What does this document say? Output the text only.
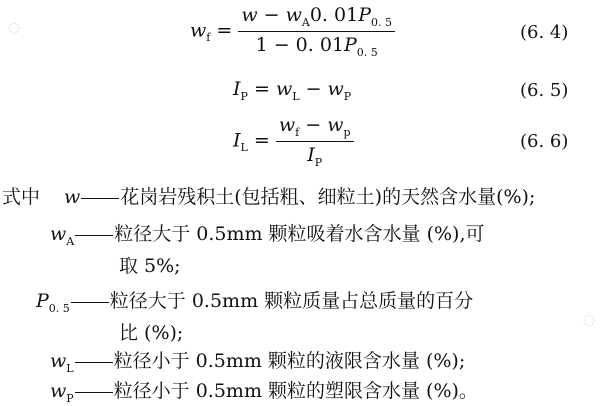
$w_f = \frac{w - w_A0. 01P_{0. 5}}{1 - 0. 01P_{0. 5}}$	(6. 4)
$I_P = w_L - w_P$	(6. 5)
$I_L = \frac{w_f - w_p}{I_P}$	(6. 6)
式中 w 花岗岩残积土(包括粗、细粒土)的天然含水量(%);
$w_A$ 粒径大于 0.5mm 颗粒吸着水含水量 (%),可
取 5%;
$P_{0. 5}$ 粒径大于 0.5mm 颗粒质量占总质量的百分
比 (%);
$w_L$ 粒径小于 0.5mm 颗粒的液限含水量 (%);
$w_P$ 粒径小于 0.5mm 颗粒的塑限含水量 (%)。
◌
◌
